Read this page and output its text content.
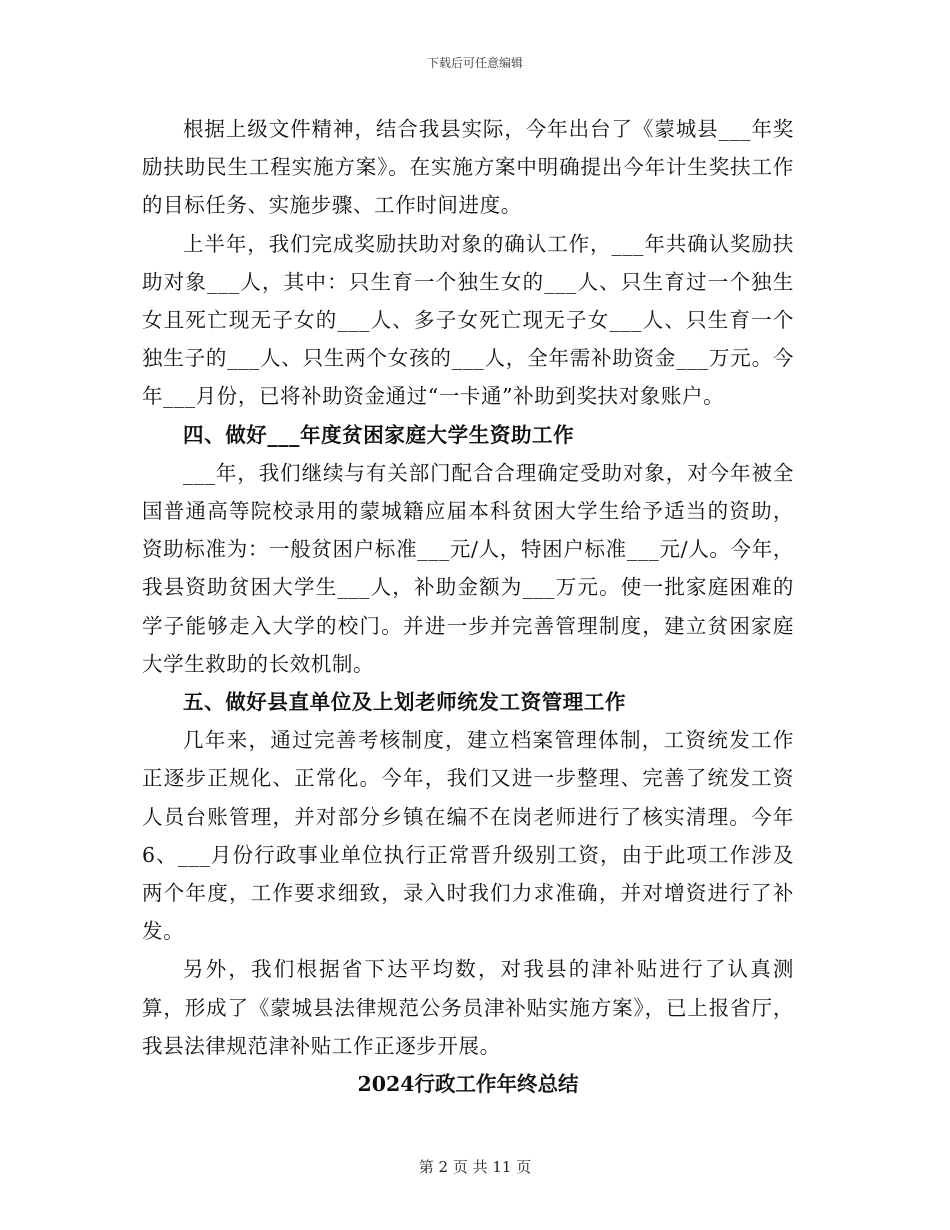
下载后可任意编辑

根据上级文件精神，结合我县实际，今年出台了《蒙城县___年奖励扶助民生工程实施方案》。在实施方案中明确提出今年计生奖扶工作的目标任务、实施步骤、工作时间进度。

上半年，我们完成奖励扶助对象的确认工作，___年共确认奖励扶助对象___人，其中：只生育一个独生女的___人、只生育过一个独生女且死亡现无子女的___人、多子女死亡现无子女___人、只生育一个独生子的___人、只生两个女孩的___人，全年需补助资金___万元。今年___月份，已将补助资金通过“一卡通”补助到奖扶对象账户。

四、做好___年度贫困家庭大学生资助工作

___年，我们继续与有关部门配合合理确定受助对象，对今年被全国普通高等院校录用的蒙城籍应届本科贫困大学生给予适当的资助，资助标准为：一般贫困户标准___元/人，特困户标准___元/人。今年，我县资助贫困大学生___人，补助金额为___万元。使一批家庭困难的学子能够走入大学的校门。并进一步并完善管理制度，建立贫困家庭大学生救助的长效机制。

五、做好县直单位及上划老师统发工资管理工作

几年来，通过完善考核制度，建立档案管理体制，工资统发工作正逐步正规化、正常化。今年，我们又进一步整理、完善了统发工资人员台账管理，并对部分乡镇在编不在岗老师进行了核实清理。今年6、___月份行政事业单位执行正常晋升级别工资，由于此项工作涉及两个年度，工作要求细致，录入时我们力求准确，并对增资进行了补发。

另外，我们根据省下达平均数，对我县的津补贴进行了认真测算，形成了《蒙城县法律规范公务员津补贴实施方案》，已上报省厅，我县法律规范津补贴工作正逐步开展。

2024行政工作年终总结

第 2 页 共 11 页
